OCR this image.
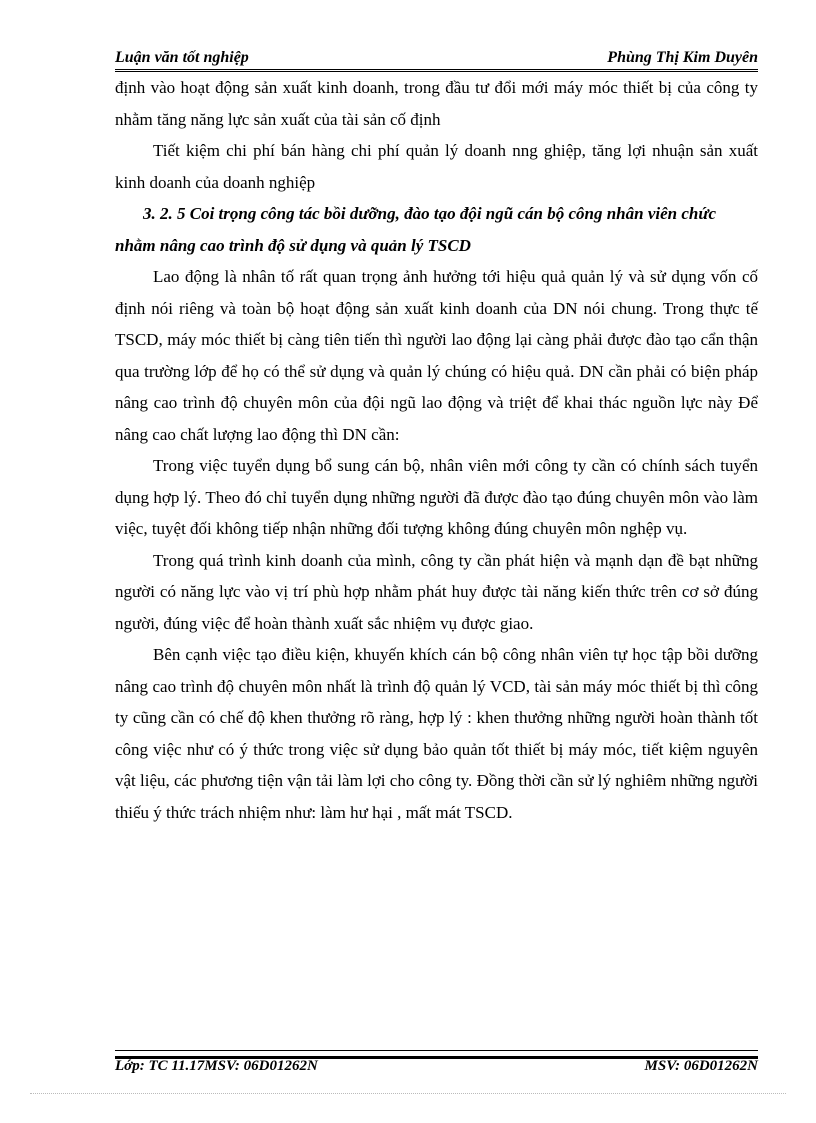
Luận văn tốt nghiệp	Phùng Thị Kim Duyên

định vào hoạt động sản xuất kinh doanh, trong đầu tư đổi mới máy móc thiết bị của công ty nhằm tăng năng lực sản xuất của tài sản cố định

Tiết kiệm chi phí bán hàng chi phí quản lý doanh nng ghiệp, tăng lợi nhuận sản xuất kinh doanh của doanh nghiệp

3. 2. 5 Coi trọng công tác bồi dưỡng, đào tạo đội ngũ cán bộ công nhân viên chức nhằm nâng cao trình độ sử dụng và quản lý TSCD

Lao động là nhân tố rất quan trọng ảnh hưởng tới hiệu quả quản lý và sử dụng vốn cố định nói riêng và toàn bộ hoạt động sản xuất kinh doanh của DN nói chung. Trong thực tế TSCD, máy móc thiết bị càng tiên tiến thì người lao động lại càng phải được đào tạo cẩn thận qua trường lớp để họ có thể sử dụng và quản lý chúng có hiệu quả. DN cần phải có biện pháp nâng cao trình độ chuyên môn của đội ngũ lao động và triệt để khai thác nguồn lực này Để nâng cao chất lượng lao động thì DN cần:

Trong việc tuyển dụng bổ sung cán bộ, nhân viên mới công ty cần có chính sách tuyển dụng hợp lý. Theo đó chỉ tuyển dụng những người đã được đào tạo đúng chuyên môn vào làm việc, tuyệt đối không tiếp nhận những đối tượng không đúng chuyên môn nghệp vụ.

Trong quá trình kinh doanh của mình, công ty cần phát hiện và mạnh dạn đề bạt những người có năng lực vào vị trí phù hợp nhằm phát huy được tài năng kiến thức trên cơ sở đúng người, đúng việc để hoàn thành xuất sắc nhiệm vụ được giao.

Bên cạnh việc tạo điều kiện, khuyến khích cán bộ công nhân viên tự học tập bồi dưỡng nâng cao trình độ chuyên môn nhất là trình độ quản lý VCD, tài sản máy móc thiết bị thì công ty cũng cần có chế độ khen thưởng rõ ràng, hợp lý : khen thưởng những người hoàn thành tốt công việc như có ý thức trong việc sử dụng bảo quản tốt thiết bị máy móc, tiết kiệm nguyên vật liệu, các phương tiện vận tải làm lợi cho công ty. Đồng thời cần sử lý nghiêm những người thiếu ý thức trách nhiệm như: làm hư hại , mất mát TSCD.

Lớp: TC 11.17MSV: 06D01262N	MSV: 06D01262N
